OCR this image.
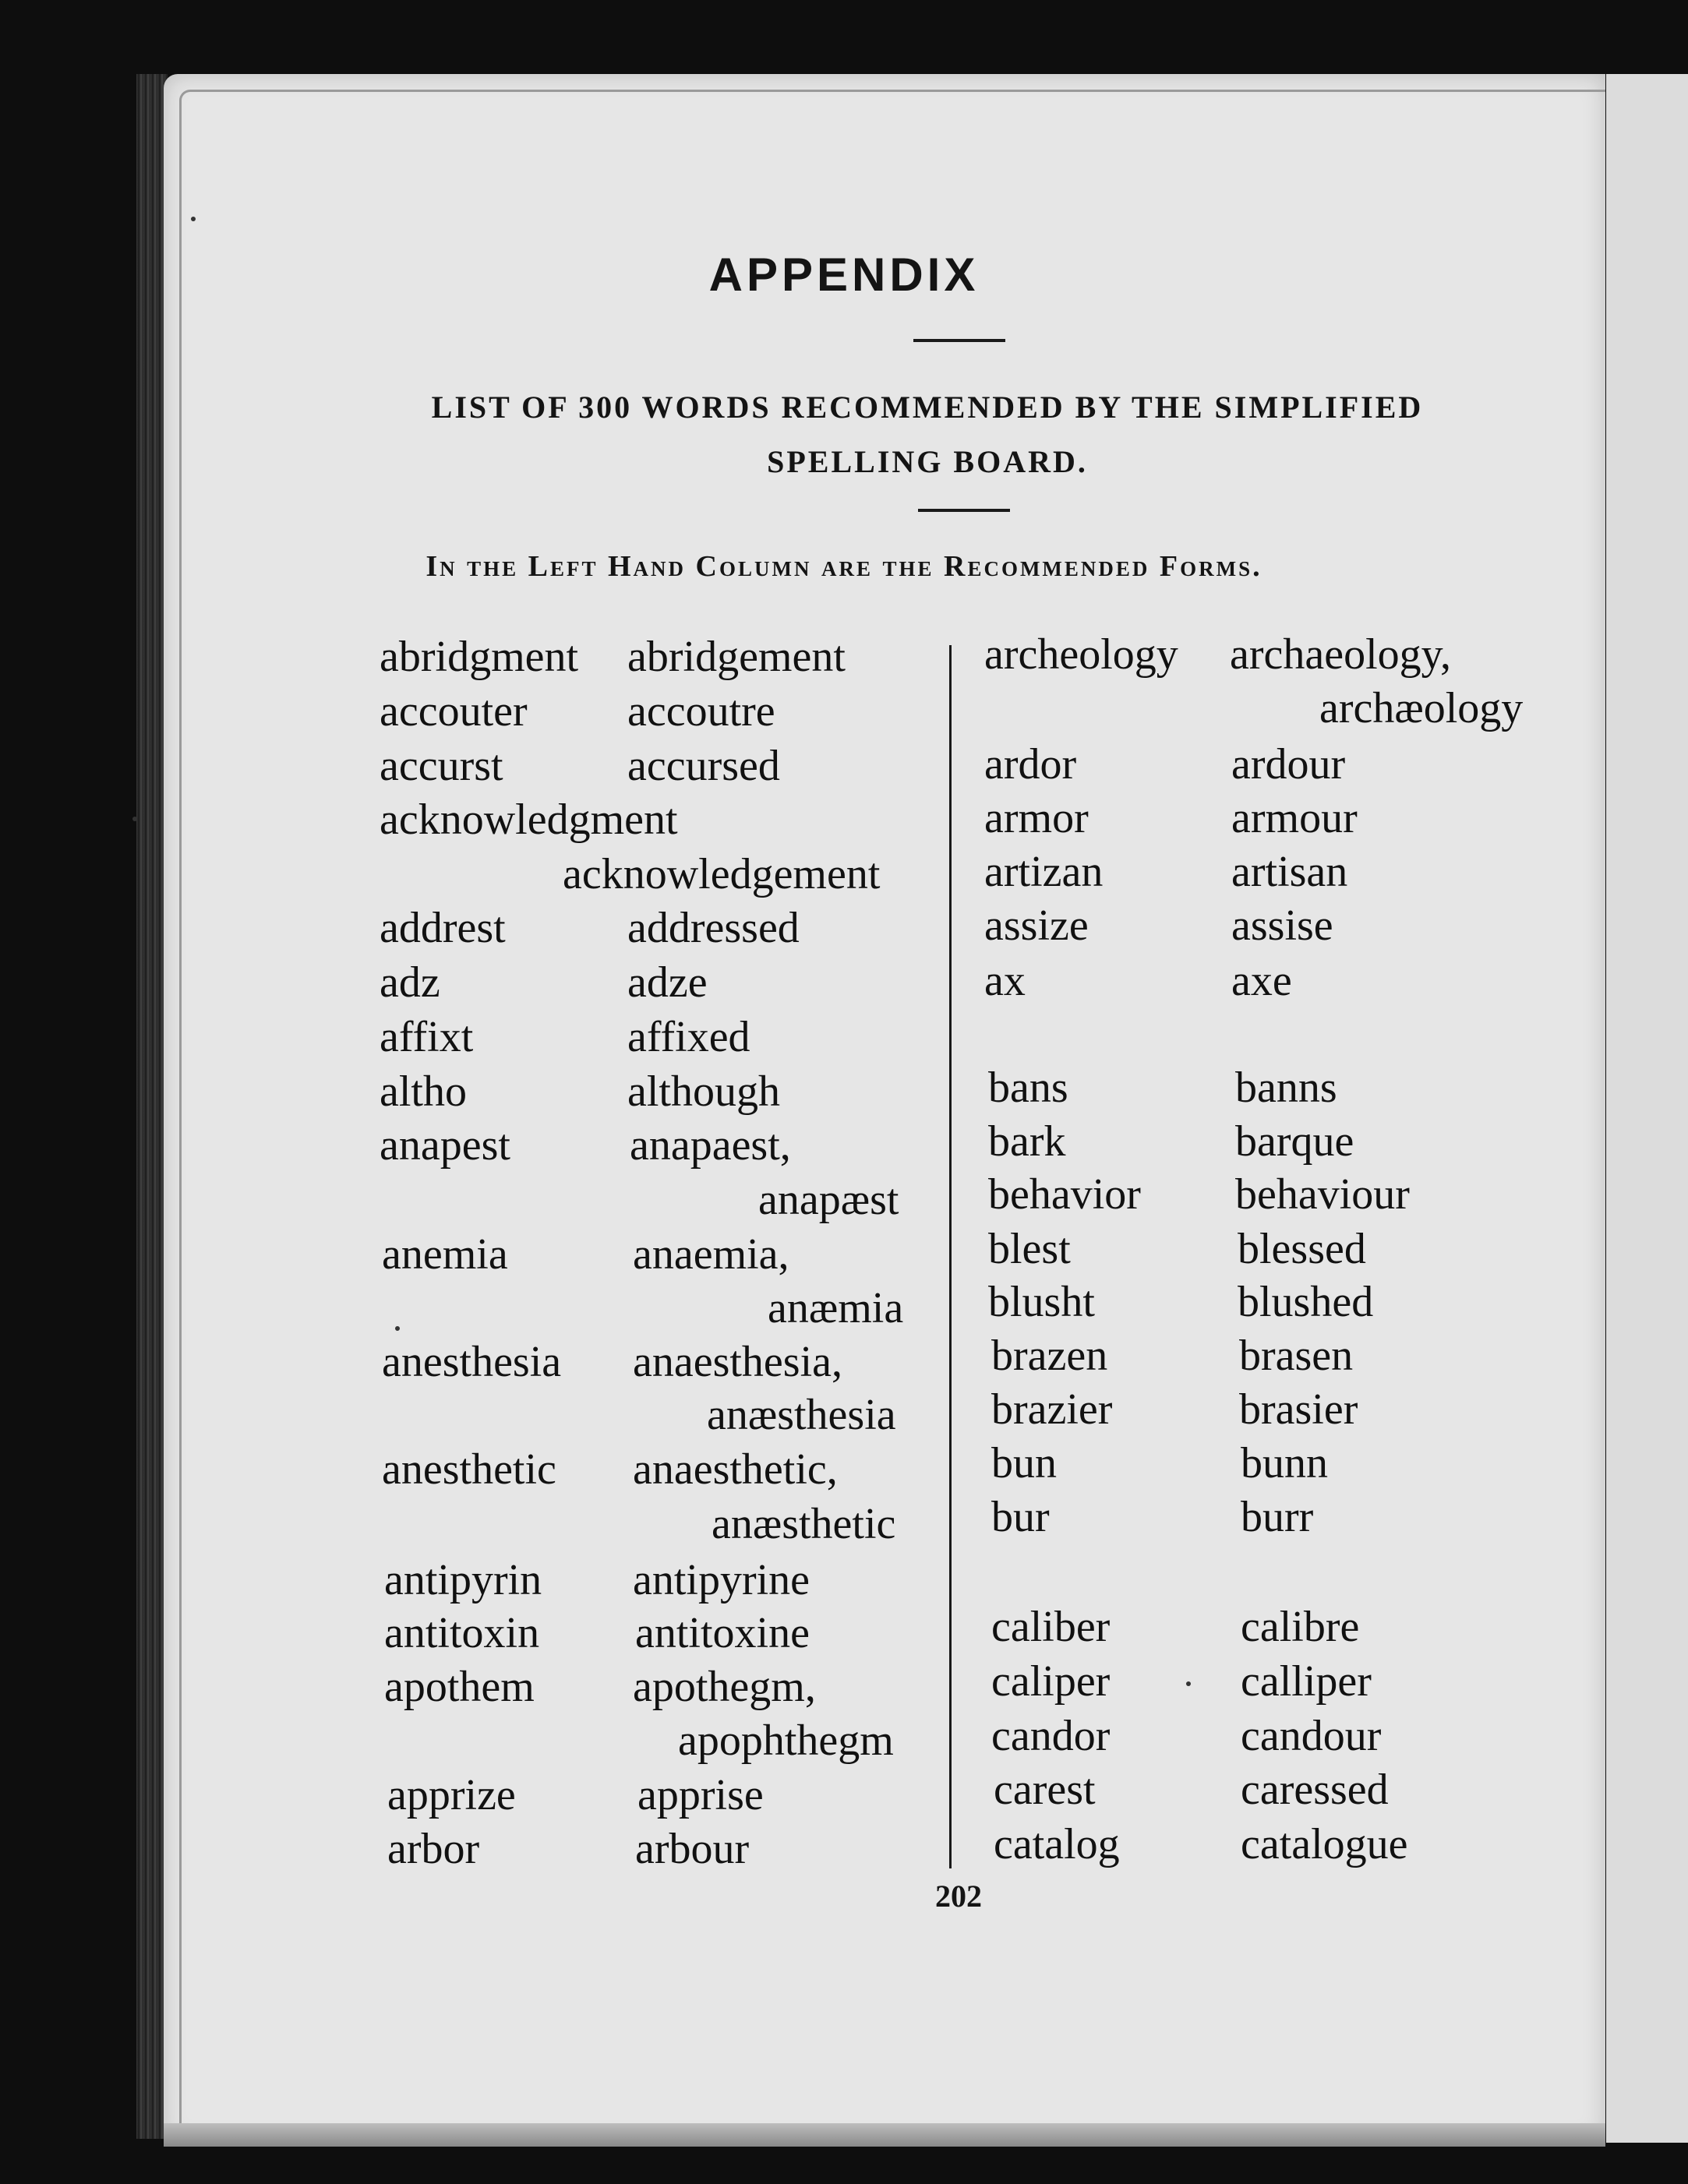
APPENDIX
LIST OF 300 WORDS RECOMMENDED BY THE SIMPLIFIED
SPELLING BOARD.

In the Left Hand Column are the Recommended Forms.

abridgment
accouter
accurst
acknowledgment
addrest
adz
affixt
altho
anapest
anemia
anesthesia
anesthetic
antipyrin
antitoxin
apothem
apprize
arbor
abridgement
accoutre
accursed
acknowledgement
addressed
adze
affixed
although
anapaest,
anapæst
anaemia,
anæmia
anaesthesia,
anæsthesia
anaesthetic,
anæsthetic
antipyrine
antitoxine
apothegm,
apophthegm
apprise
arbour
archeology
ardor
armor
artizan
assize
ax
bans
bark
behavior
blest
blusht
brazen
brazier
bun
bur
caliber
caliper
candor
carest
catalog
archaeology,
archæology
ardour
armour
artisan
assise
axe
banns
barque
behaviour
blessed
blushed
brasen
brasier
bunn
burr
calibre
calliper
candour
caressed
catalogue
202
